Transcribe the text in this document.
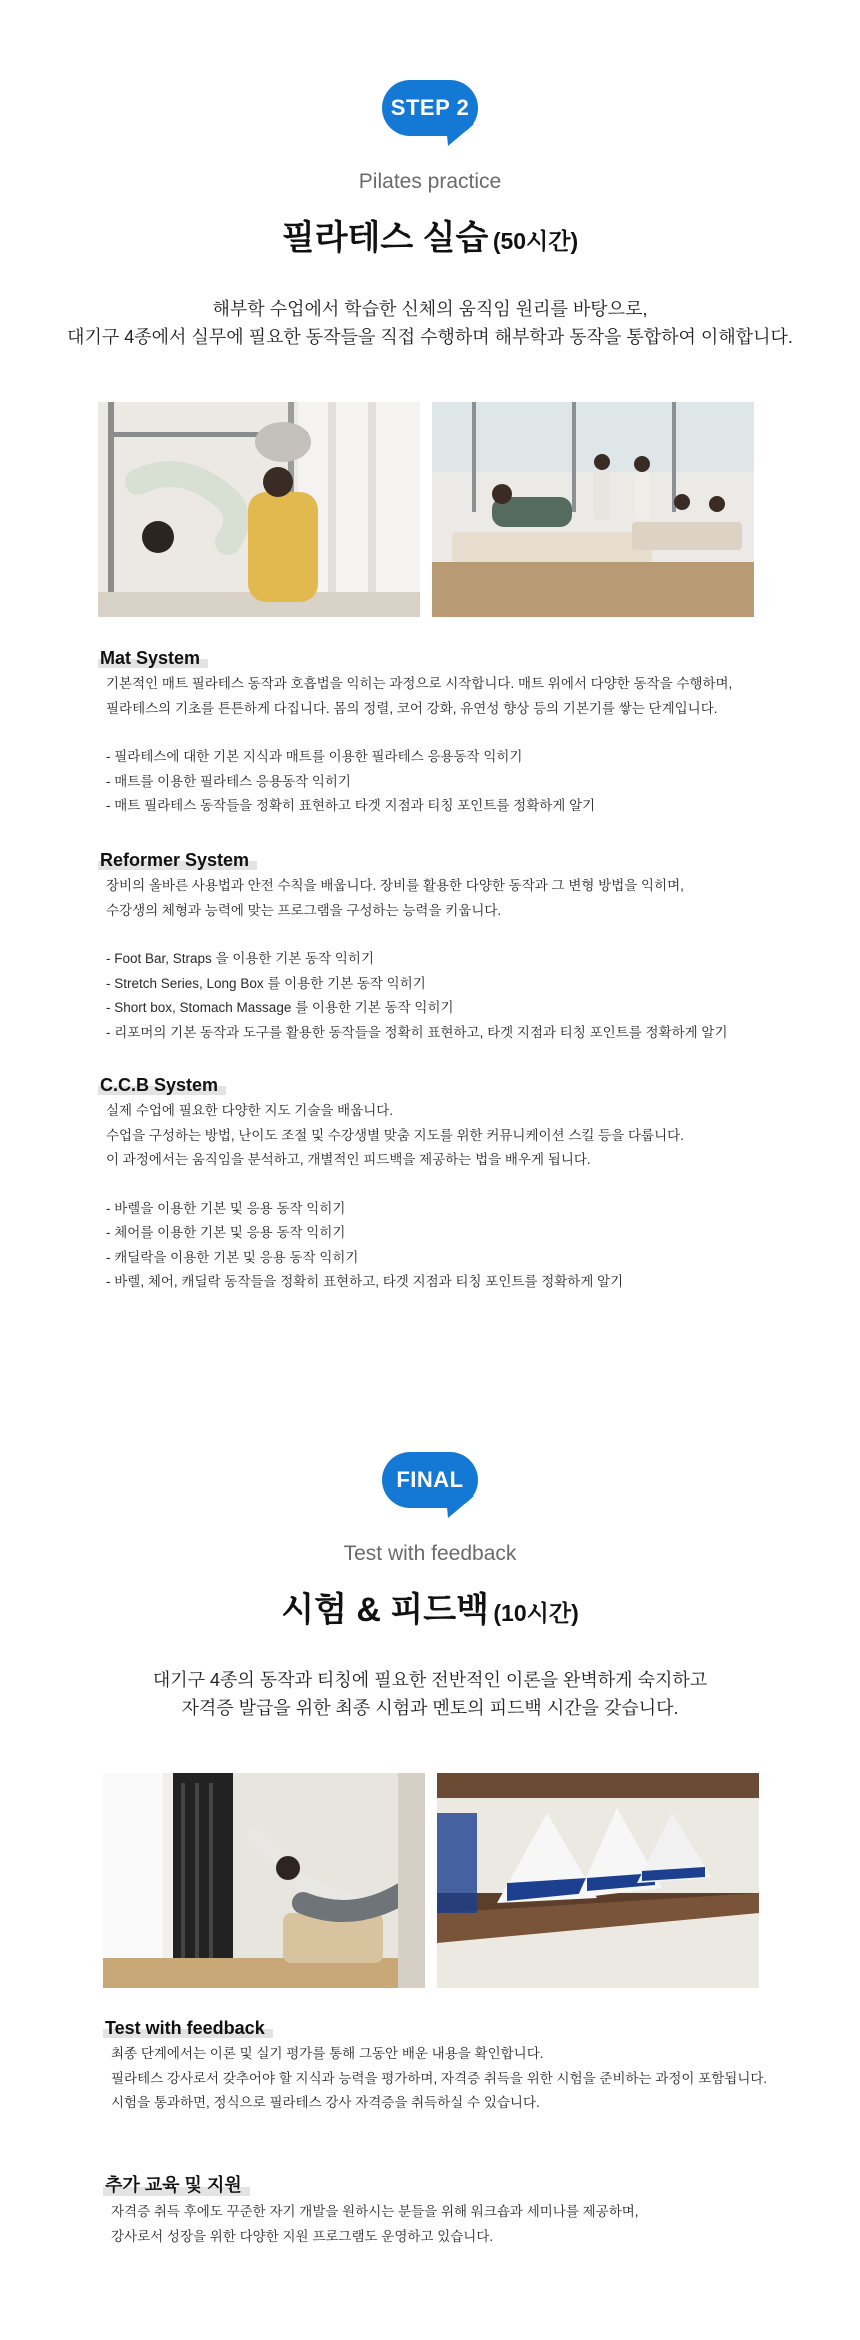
STEP 2
Pilates practice
필라테스 실습 (50시간)
해부학 수업에서 학습한 신체의 움직임 원리를 바탕으로,
대기구 4종에서 실무에 필요한 동작들을 직접 수행하며 해부학과 동작을 통합하여 이해합니다.
Mat System
기본적인 매트 필라테스 동작과 호흡법을 익히는 과정으로 시작합니다. 매트 위에서 다양한 동작을 수행하며,
필라테스의 기초를 튼튼하게 다집니다. 몸의 정렬, 코어 강화, 유연성 향상 등의 기본기를 쌓는 단계입니다.
- 필라테스에 대한 기본 지식과 매트를 이용한 필라테스 응용동작 익히기
- 매트를 이용한 필라테스 응용동작 익히기
- 매트 필라테스 동작들을 정확히 표현하고 타겟 지점과 티칭 포인트를 정확하게 알기
Reformer System
장비의 올바른 사용법과 안전 수칙을 배웁니다. 장비를 활용한 다양한 동작과 그 변형 방법을 익히며,
수강생의 체형과 능력에 맞는 프로그램을 구성하는 능력을 키웁니다.
- Foot Bar, Straps 을 이용한 기본 동작 익히기
- Stretch Series, Long Box 를 이용한 기본 동작 익히기
- Short box, Stomach Massage 를 이용한 기본 동작 익히기
- 리포머의 기본 동작과 도구를 활용한 동작들을 정확히 표현하고, 타겟 지점과 티칭 포인트를 정확하게 알기
C.C.B System
실제 수업에 필요한 다양한 지도 기술을 배웁니다.
수업을 구성하는 방법, 난이도 조절 및 수강생별 맞춤 지도를 위한 커뮤니케이션 스킬 등을 다룹니다.
이 과정에서는 움직임을 분석하고, 개별적인 피드백을 제공하는 법을 배우게 됩니다.
- 바렐을 이용한 기본 및 응용 동작 익히기
- 체어를 이용한 기본 및 응용 동작 익히기
- 캐딜락을 이용한 기본 및 응용 동작 익히기
- 바렐, 체어, 캐딜락 동작들을 정확히 표현하고, 타겟 지점과 티칭 포인트를 정확하게 알기
FINAL
Test with feedback
시험 & 피드백 (10시간)
대기구 4종의 동작과 티칭에 필요한 전반적인 이론을 완벽하게 숙지하고
자격증 발급을 위한 최종 시험과 멘토의 피드백 시간을 갖습니다.
Test with feedback
최종 단계에서는 이론 및 실기 평가를 통해 그동안 배운 내용을 확인합니다.
필라테스 강사로서 갖추어야 할 지식과 능력을 평가하며, 자격증 취득을 위한 시험을 준비하는 과정이 포함됩니다.
시험을 통과하면, 정식으로 필라테스 강사 자격증을 취득하실 수 있습니다.
추가 교육 및 지원
자격증 취득 후에도 꾸준한 자기 개발을 원하시는 분들을 위해 워크숍과 세미나를 제공하며,
강사로서 성장을 위한 다양한 지원 프로그램도 운영하고 있습니다.
